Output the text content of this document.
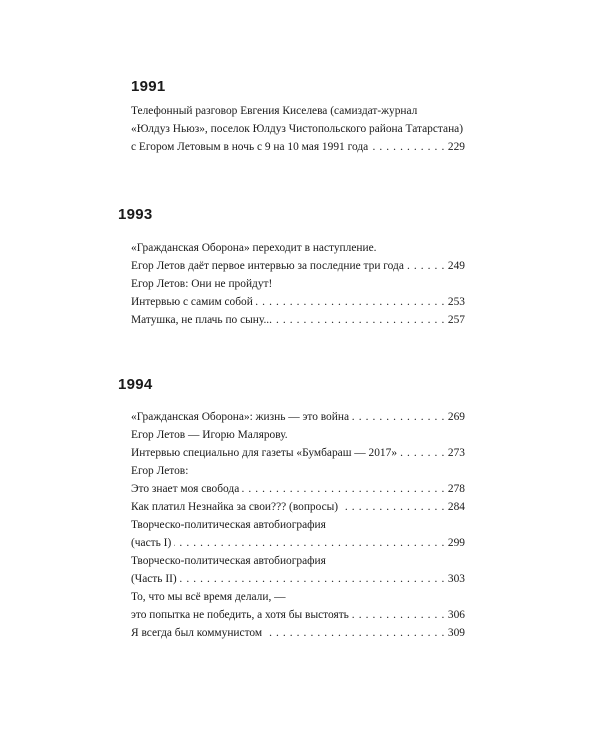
1991
Телефонный разговор Евгения Киселева (самиздат-журнал
«Юлдуз Ньюз», поселок Юлдуз Чистопольского района Татарстана)
с Егором Летовым в ночь с 9 на 10 мая 1991 года . . .	229
1993
«Гражданская Оборона» переходит в наступление.
Егор Летов даёт первое интервью за последние три года . . .	249
Егор Летов: Они не пройдут!
Интервью с самим собой . . .	253
Матушка, не плачь по сыну... . . .	257
1994
«Гражданская Оборона»: жизнь — это война . . .	269
Егор Летов — Игорю Малярову.
Интервью специально для газеты «Бумбараш — 2017» . . .	273
Егор Летов:
Это знает моя свобода . . .	278
Как платил Незнайка за свои??? (вопросы) . . .	284
Творческо-политическая автобиография
(часть I) . . .	299
Творческо-политическая автобиография
(Часть II) . . .	303
То, что мы всё время делали, —
это попытка не победить, а хотя бы выстоять . . .	306
Я всегда был коммунистом . . .	309
